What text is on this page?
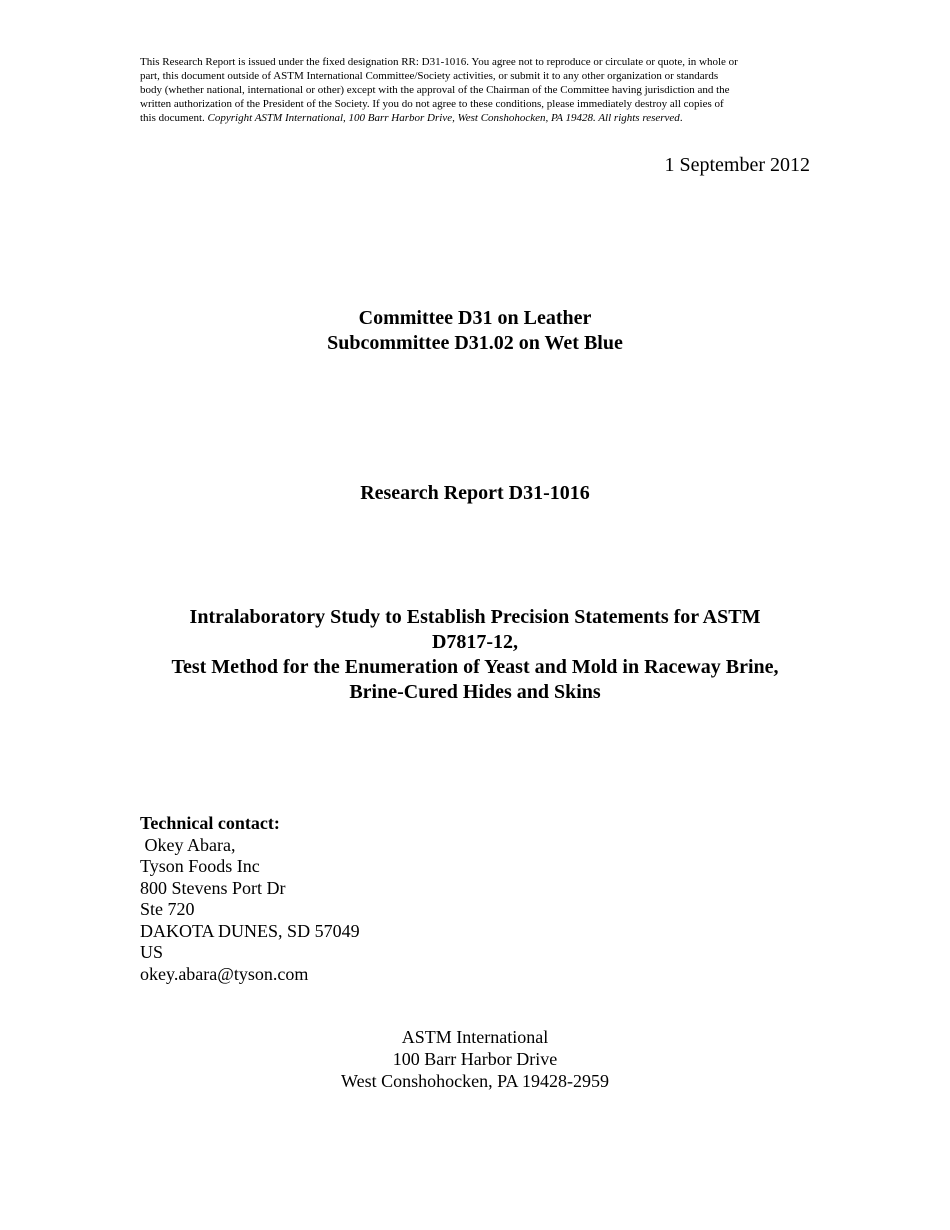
This Research Report is issued under the fixed designation RR: D31-1016. You agree not to reproduce or circulate or quote, in whole or
part, this document outside of ASTM International Committee/Society activities, or submit it to any other organization or standards
body (whether national, international or other) except with the approval of the Chairman of the Committee having jurisdiction and the
written authorization of the President of the Society. If you do not agree to these conditions, please immediately destroy all copies of
this document. Copyright ASTM International, 100 Barr Harbor Drive, West Conshohocken, PA 19428. All rights reserved.
1 September 2012
Committee D31 on Leather
Subcommittee D31.02 on Wet Blue
Research Report D31-1016
Intralaboratory Study to Establish Precision Statements for ASTM
D7817-12,
Test Method for the Enumeration of Yeast and Mold in Raceway Brine,
Brine-Cured Hides and Skins
Technical contact:
Okey Abara,
Tyson Foods Inc
800 Stevens Port Dr
Ste 720
DAKOTA DUNES, SD 57049
US
okey.abara@tyson.com
ASTM International
100 Barr Harbor Drive
West Conshohocken, PA 19428-2959
